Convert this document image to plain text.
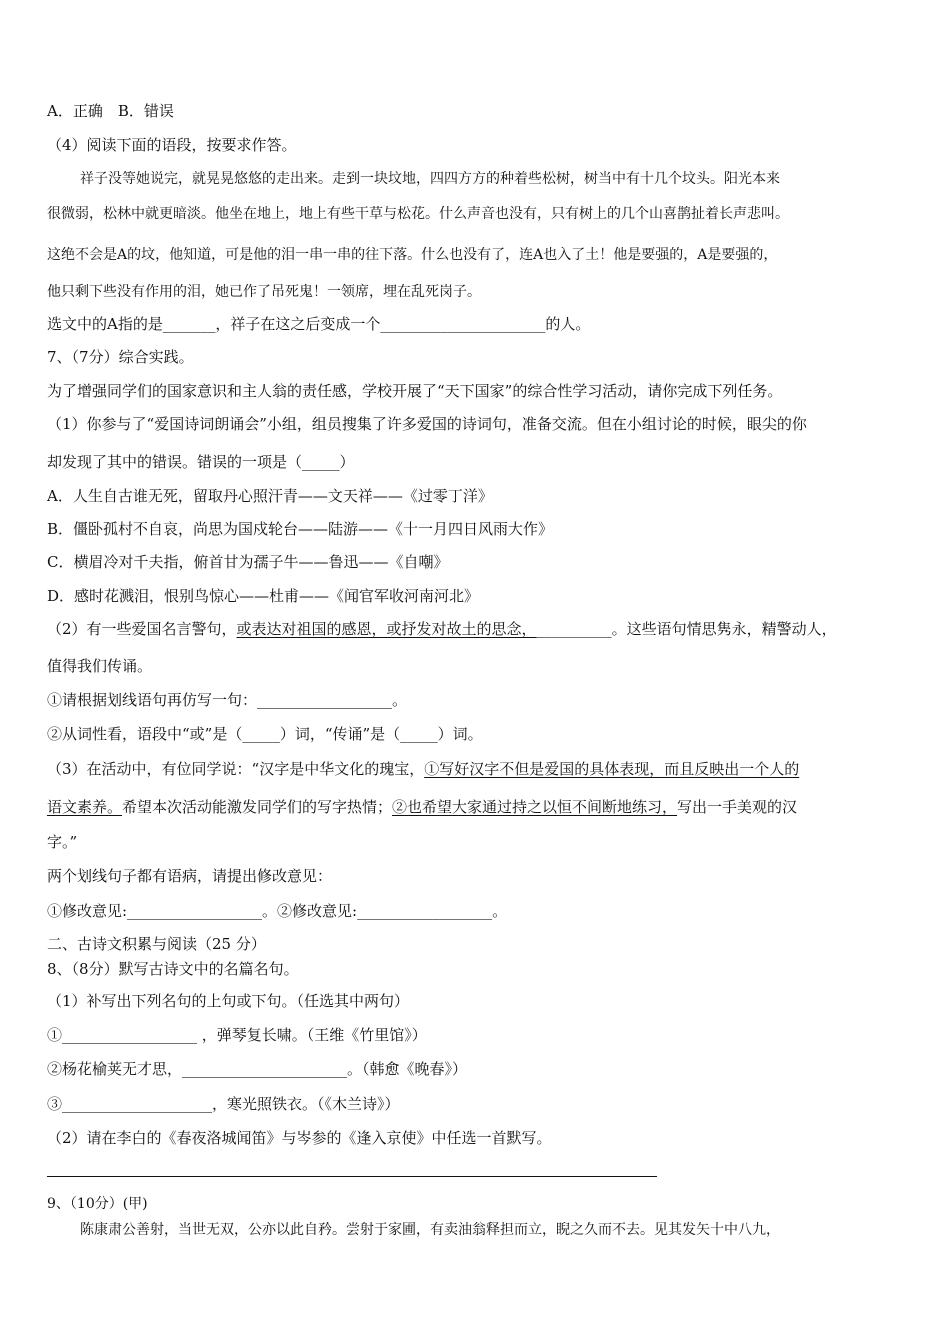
A．正确　B．错误
（4）阅读下面的语段，按要求作答。
祥子没等她说完，就晃晃悠悠的走出来。走到一块坟地，四四方方的种着些松树，树当中有十几个坟头。阳光本来
很微弱，松林中就更暗淡。他坐在地上，地上有些干草与松花。什么声音也没有，只有树上的几个山喜鹊扯着长声悲叫。
这绝不会是A的坟，他知道，可是他的泪一串一串的往下落。什么也没有了，连A也入了土！他是要强的，A是要强的，
他只剩下些没有作用的泪，她已作了吊死鬼！一领席，埋在乱死岗子。
选文中的A指的是_______，祥子在这之后变成一个______________________的人。
7、（7分）综合实践。
为了增强同学们的国家意识和主人翁的责任感，学校开展了“天下国家”的综合性学习活动，请你完成下列任务。
（1）你参与了“爱国诗词朗诵会”小组，组员搜集了许多爱国的诗词句，准备交流。但在小组讨论的时候，眼尖的你
却发现了其中的错误。错误的一项是（_____）
A．人生自古谁无死，留取丹心照汗青——文天祥——《过零丁洋》
B．僵卧孤村不自哀，尚思为国戍轮台——陆游——《十一月四日风雨大作》
C．横眉冷对千夫指，俯首甘为孺子牛——鲁迅——《自嘲》
D．感时花溅泪，恨别鸟惊心——杜甫——《闻官军收河南河北》
（2）有一些爱国名言警句，或表达对祖国的感恩，或抒发对故土的思念，__________。这些语句情思隽永，精警动人，
值得我们传诵。
①请根据划线语句再仿写一句：__________________。
②从词性看，语段中“或”是（_____）词，“传诵”是（_____）词。
（3）在活动中，有位同学说：“汉字是中华文化的瑰宝，①写好汉字不但是爱国的具体表现，而且反映出一个人的
语文素养。希望本次活动能激发同学们的写字热情；②也希望大家通过持之以恒不间断地练习，写出一手美观的汉
字。”
两个划线句子都有语病，请提出修改意见：
①修改意见:__________________。②修改意见:__________________。
二、古诗文积累与阅读（25 分）
8、（8分）默写古诗文中的名篇名句。
（1）补写出下列名句的上句或下句。（任选其中两句）
①__________________ ，弹琴复长啸。（王维《竹里馆》）
②杨花榆荚无才思，______________________。（韩愈《晚春》）
③____________________，寒光照铁衣。（《木兰诗》）
（2）请在李白的《春夜洛城闻笛》与岑参的《逢入京使》中任选一首默写。
9、（10分）(甲)
陈康肃公善射，当世无双，公亦以此自矜。尝射于家圃，有卖油翁释担而立，睨之久而不去。见其发矢十中八九，
